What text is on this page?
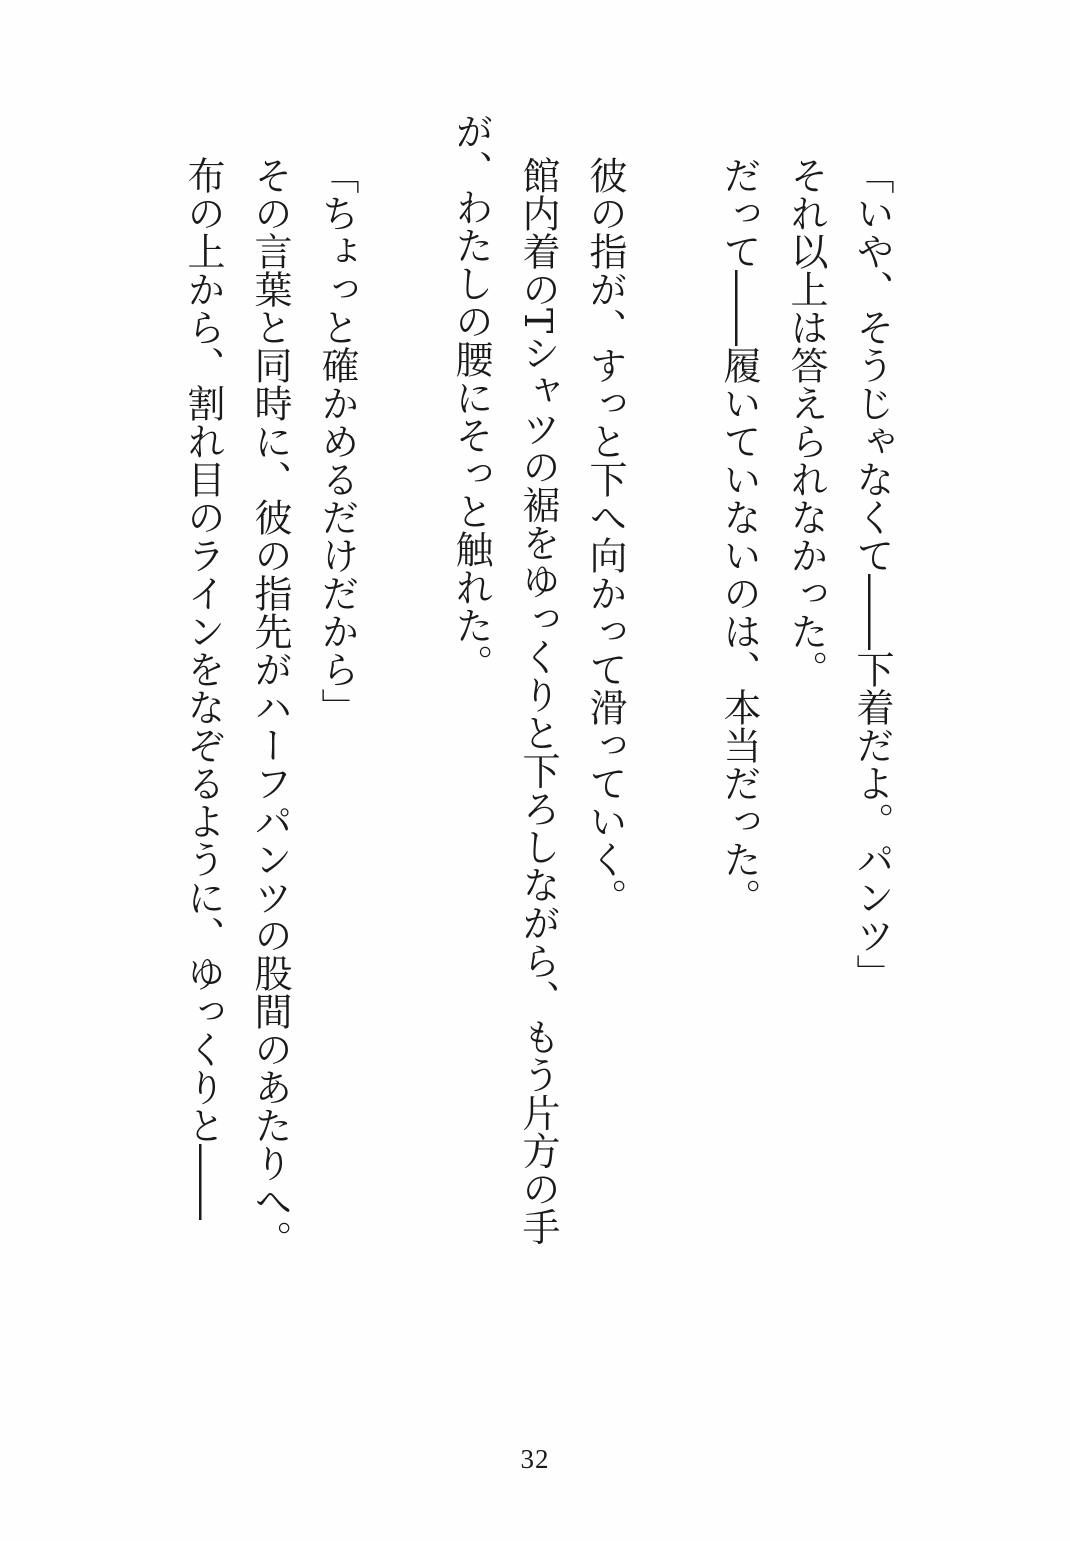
「いや、そうじゃなくて――下着だよ。パンツ」
それ以上は答えられなかった。
だって――履いていないのは、本当だった。
彼の指が、すっと下へ向かって滑っていく。
館内着のTシャツの裾をゆっくりと下ろしながら、もう片方の手
が、わたしの腰にそっと触れた。
「ちょっと確かめるだけだから」
その言葉と同時に、彼の指先がハーフパンツの股間のあたりへ。
布の上から、割れ目のラインをなぞるように、ゆっくりと――
32
